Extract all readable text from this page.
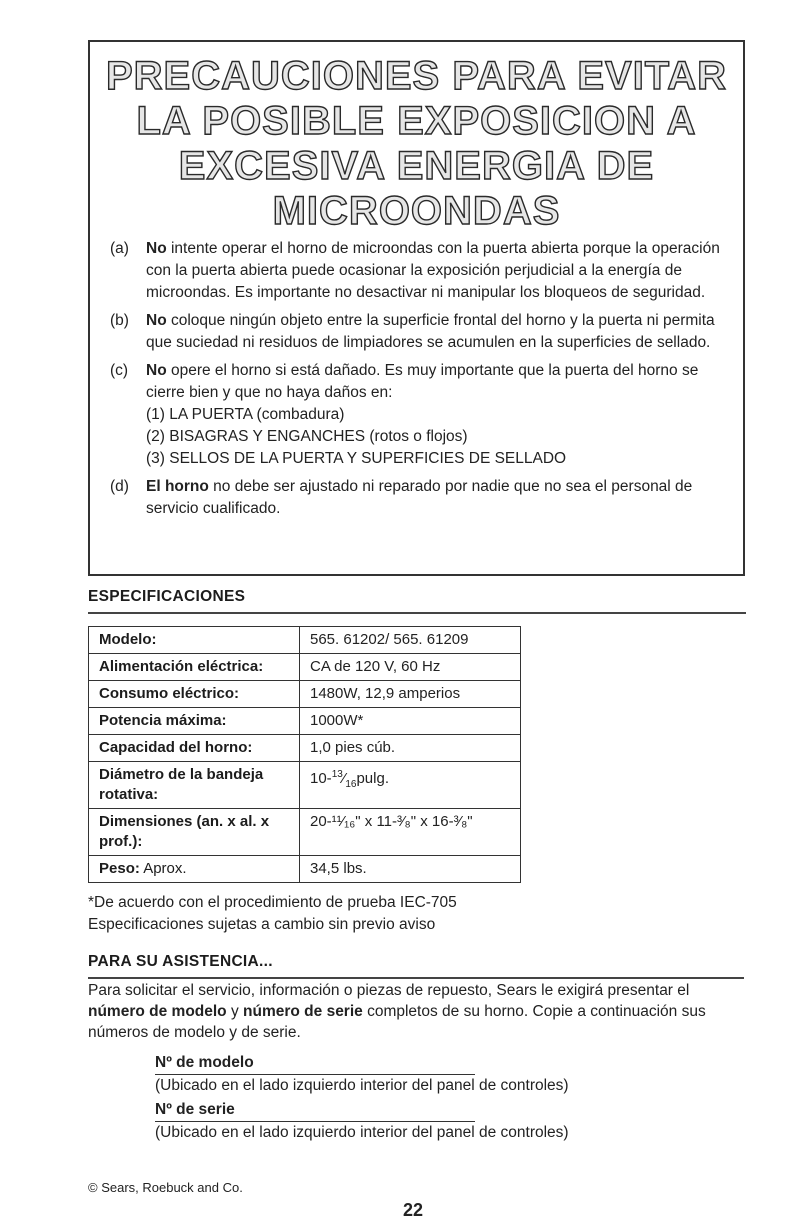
PRECAUCIONES PARA EVITAR
LA POSIBLE EXPOSICION A
EXCESIVA ENERGIA DE
MICROONDAS
(a) No intente operar el horno de microondas con la puerta abierta porque la operación con la puerta abierta puede ocasionar la exposición perjudicial a la energía de microondas. Es importante no desactivar ni manipular los bloqueos de seguridad.
(b) No coloque ningún objeto entre la superficie frontal del horno y la puerta ni permita que suciedad ni residuos de limpiadores se acumulen en la superficies de sellado.
(c) No opere el horno si está dañado. Es muy importante que la puerta del horno se cierre bien y que no haya daños en:
(1) LA PUERTA (combadura)
(2) BISAGRAS Y ENGANCHES (rotos o flojos)
(3) SELLOS DE LA PUERTA Y SUPERFICIES DE SELLADO
(d) El horno no debe ser ajustado ni reparado por nadie que no sea el personal de servicio cualificado.
ESPECIFICACIONES
Modelo:	565. 61202/ 565. 61209
Alimentación eléctrica:	CA de 120 V, 60 Hz
Consumo eléctrico:	1480W, 12,9 amperios
Potencia máxima:	1000W*
Capacidad del horno:	1,0 pies cúb.
Diámetro de la bandeja rotativa:	$10-^{13}⁄_{16}pulg$.
Dimensiones (an. x al. x prof.):	20-¹¹⁄₁₆" x 11-³⁄₈" x 16-³⁄₈"
Peso: Aprox.	34,5 lbs.
*De acuerdo con el procedimiento de prueba IEC-705
Especificaciones sujetas a cambio sin previo aviso
PARA SU ASISTENCIA...
Para solicitar el servicio, información o piezas de repuesto, Sears le exigirá presentar el número de modelo y número de serie completos de su horno. Copie a continuación sus números de modelo y de serie.
Nº de modelo
(Ubicado en el lado izquierdo interior del panel de controles)
Nº de serie
(Ubicado en el lado izquierdo interior del panel de controles)
© Sears, Roebuck and Co.
22
